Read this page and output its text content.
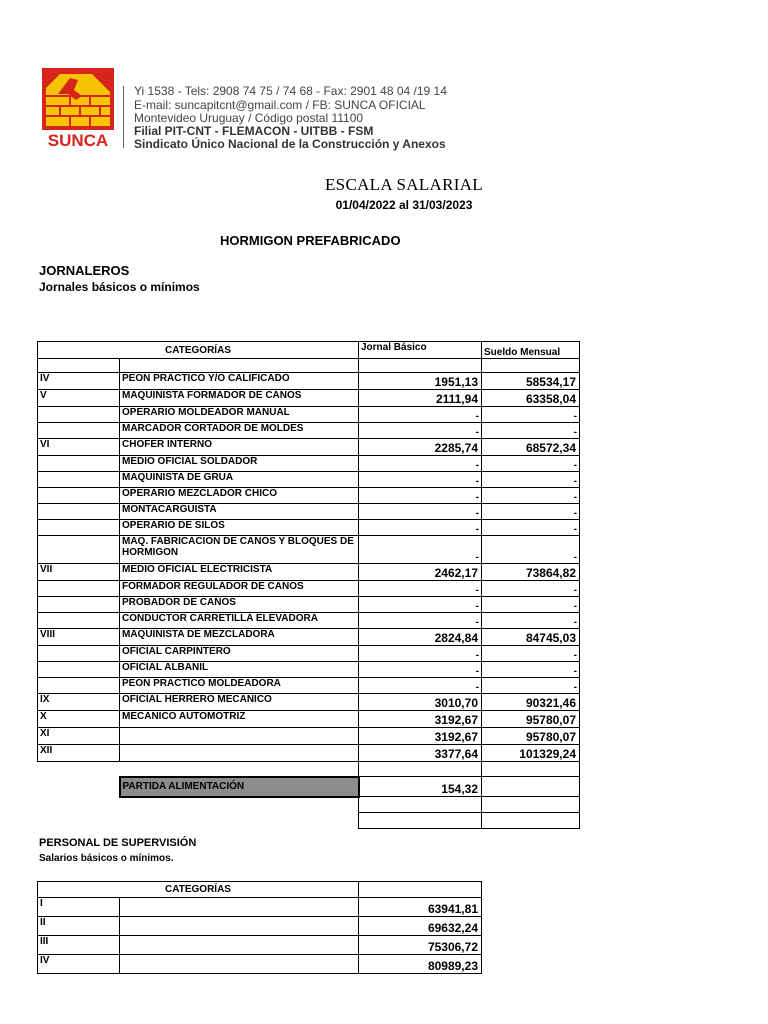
SUNCA
Yi 1538 - Tels: 2908 74 75 / 74 68 - Fax: 2901 48 04 /19 14
E-mail: suncapitcnt@gmail.com / FB: SUNCA OFICIAL
Montevideo Uruguay / Código postal 11100
Filial PIT-CNT - FLEMACON - UITBB - FSM
Sindicato Único Nacional de la Construcción y Anexos
ESCALA SALARIAL
01/04/2022 al 31/03/2023
HORMIGON PREFABRICADO
JORNALEROS
Jornales básicos o mínimos
CATEGORÍAS		Jornal Básico	Sueldo Mensual

IV	PEON PRACTICO Y/O CALIFICADO	1951,13	58534,17
V	MAQUINISTA FORMADOR DE CANOS	2111,94	63358,04
	OPERARIO MOLDEADOR MANUAL	-	-
	MARCADOR CORTADOR DE MOLDES	-	-
VI	CHOFER INTERNO	2285,74	68572,34
	MEDIO OFICIAL SOLDADOR	-	-
	MAQUINISTA DE GRUA	-	-
	OPERARIO MEZCLADOR CHICO	-	-
	MONTACARGUISTA	-	-
	OPERARIO DE SILOS	-	-
	MAQ. FABRICACION DE CANOS Y BLOQUES DE HORMIGON	-	-
VII	MEDIO OFICIAL ELECTRICISTA	2462,17	73864,82
	FORMADOR REGULADOR DE CANOS	-	-
	PROBADOR DE CAÑOS	-	-
	CONDUCTOR CARRETILLA ELEVADORA	-	-
VIII	MAQUINISTA DE MEZCLADORA	2824,84	84745,03
	OFICIAL CARPINTERO	-	-
	OFICIAL ALBANIL	-	-
	PEON PRACTICO MOLDEADORA	-	-
IX	OFICIAL HERRERO MECANICO	3010,70	90321,46
X	MECANICO AUTOMOTRIZ	3192,67	95780,07
XI		3192,67	95780,07
XII		3377,64	101329,24

	PARTIDA ALIMENTACIÓN	154,32	

PERSONAL DE SUPERVISIÓN
Salarios básicos o mínimos.
CATEGORÍAS		
I		63941,81
II		69632,24
III		75306,72
IV		80989,23
